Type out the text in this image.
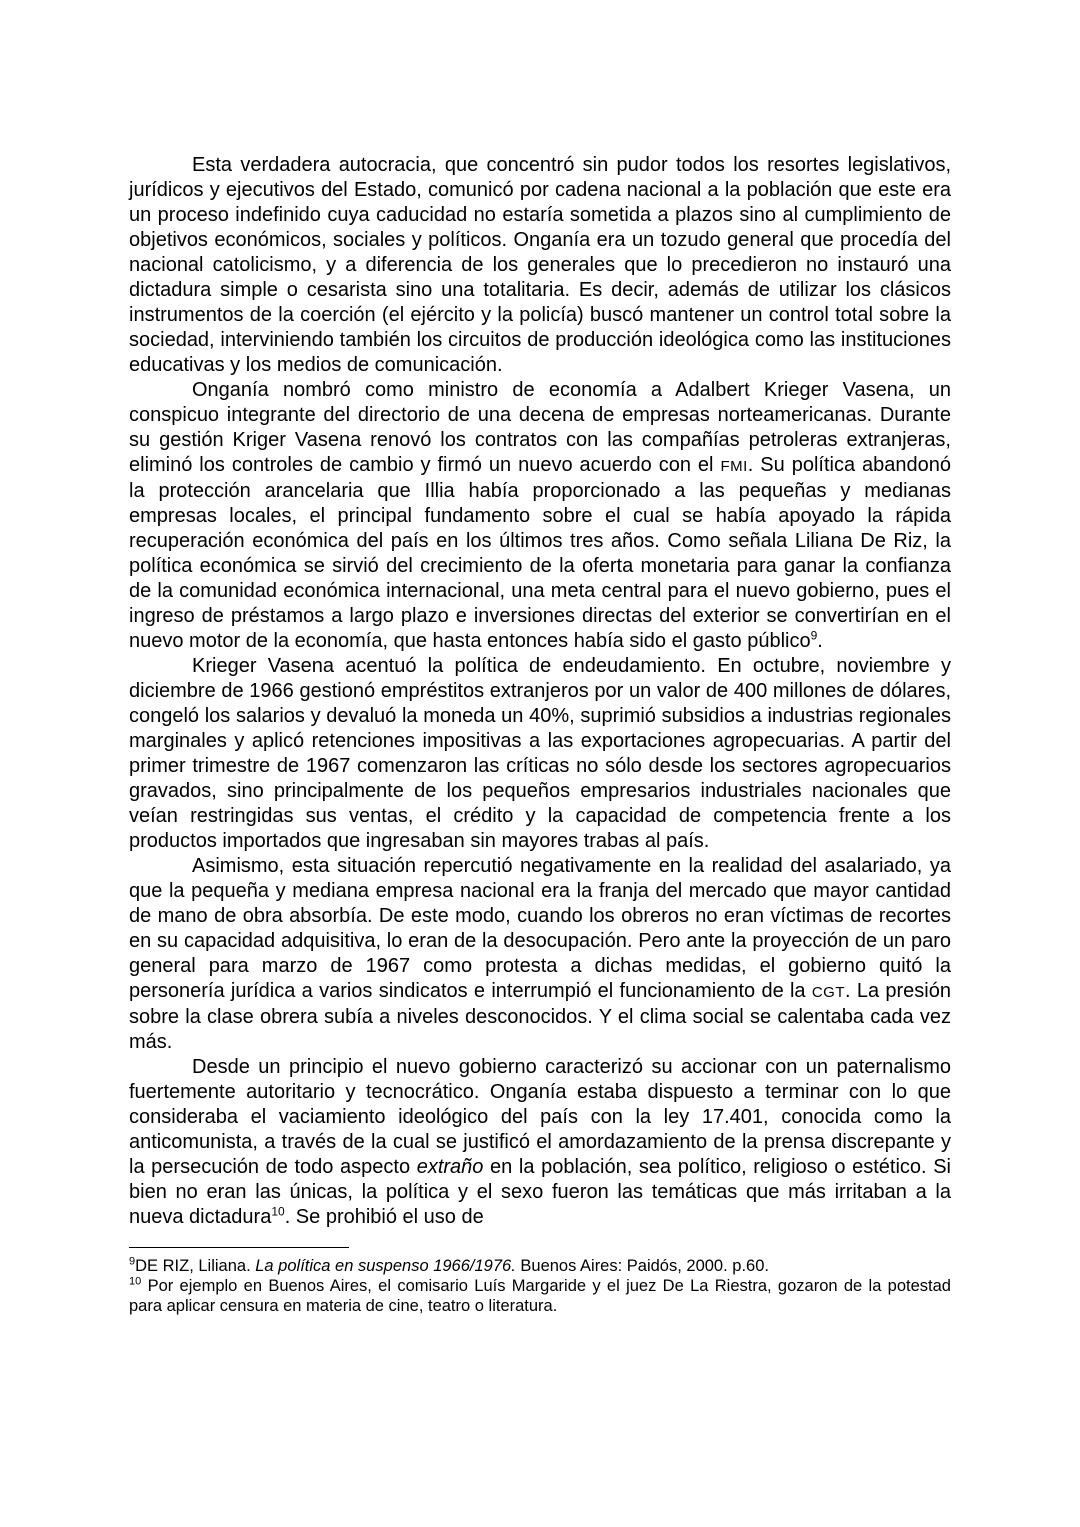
Esta verdadera autocracia, que concentró sin pudor todos los resortes legislativos, jurídicos y ejecutivos del Estado, comunicó por cadena nacional a la población que este era un proceso indefinido cuya caducidad no estaría sometida a plazos sino al cumplimiento de objetivos económicos, sociales y políticos. Onganía era un tozudo general que procedía del nacional catolicismo, y a diferencia de los generales que lo precedieron no instauró una dictadura simple o cesarista sino una totalitaria. Es decir, además de utilizar los clásicos instrumentos de la coerción (el ejército y la policía) buscó mantener un control total sobre la sociedad, interviniendo también los circuitos de producción ideológica como las instituciones educativas y los medios de comunicación.

Onganía nombró como ministro de economía a Adalbert Krieger Vasena, un conspicuo integrante del directorio de una decena de empresas norteamericanas. Durante su gestión Kriger Vasena renovó los contratos con las compañías petroleras extranjeras, eliminó los controles de cambio y firmó un nuevo acuerdo con el FMI. Su política abandonó la protección arancelaria que Illia había proporcionado a las pequeñas y medianas empresas locales, el principal fundamento sobre el cual se había apoyado la rápida recuperación económica del país en los últimos tres años. Como señala Liliana De Riz, la política económica se sirvió del crecimiento de la oferta monetaria para ganar la confianza de la comunidad económica internacional, una meta central para el nuevo gobierno, pues el ingreso de préstamos a largo plazo e inversiones directas del exterior se convertirían en el nuevo motor de la economía, que hasta entonces había sido el gasto público$^9$.

Krieger Vasena acentuó la política de endeudamiento. En octubre, noviembre y diciembre de 1966 gestionó empréstitos extranjeros por un valor de 400 millones de dólares, congeló los salarios y devaluó la moneda un 40%, suprimió subsidios a industrias regionales marginales y aplicó retenciones impositivas a las exportaciones agropecuarias. A partir del primer trimestre de 1967 comenzaron las críticas no sólo desde los sectores agropecuarios gravados, sino principalmente de los pequeños empresarios industriales nacionales que veían restringidas sus ventas, el crédito y la capacidad de competencia frente a los productos importados que ingresaban sin mayores trabas al país.

Asimismo, esta situación repercutió negativamente en la realidad del asalariado, ya que la pequeña y mediana empresa nacional era la franja del mercado que mayor cantidad de mano de obra absorbía. De este modo, cuando los obreros no eran víctimas de recortes en su capacidad adquisitiva, lo eran de la desocupación. Pero ante la proyección de un paro general para marzo de 1967 como protesta a dichas medidas, el gobierno quitó la personería jurídica a varios sindicatos e interrumpió el funcionamiento de la CGT. La presión sobre la clase obrera subía a niveles desconocidos. Y el clima social se calentaba cada vez más.

Desde un principio el nuevo gobierno caracterizó su accionar con un paternalismo fuertemente autoritario y tecnocrático. Onganía estaba dispuesto a terminar con lo que consideraba el vaciamiento ideológico del país con la ley 17.401, conocida como la anticomunista, a través de la cual se justificó el amordazamiento de la prensa discrepante y la persecución de todo aspecto extraño en la población, sea político, religioso o estético. Si bien no eran las únicas, la política y el sexo fueron las temáticas que más irritaban a la nueva dictadura$^{10}$. Se prohibió el uso de

$^9$DE RIZ, Liliana. La política en suspenso 1966/1976. Buenos Aires: Paidós, 2000. p.60.

$^{10}$ Por ejemplo en Buenos Aires, el comisario Luís Margaride y el juez De La Riestra, gozaron de la potestad para aplicar censura en materia de cine, teatro o literatura.
